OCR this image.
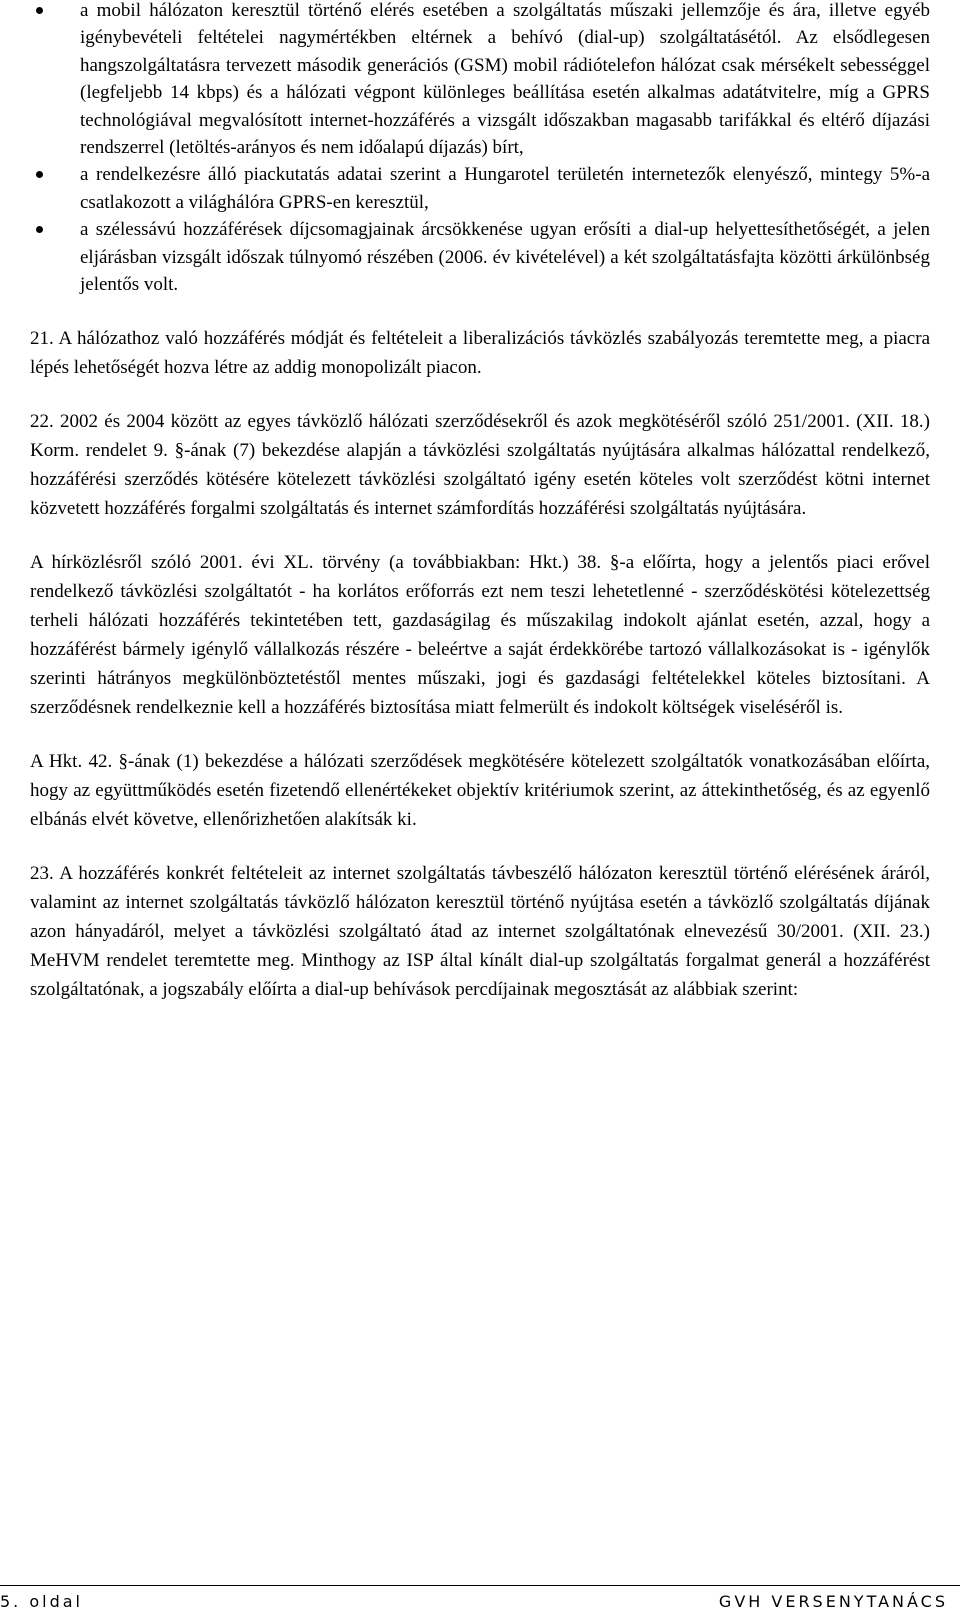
a mobil hálózaton keresztül történő elérés esetében a szolgáltatás műszaki jellemzője és ára, illetve egyéb igénybevételi feltételei nagymértékben eltérnek a behívó (dial-up) szolgáltatásétól. Az elsődlegesen hangszolgáltatásra tervezett második generációs (GSM) mobil rádiótelefon hálózat csak mérsékelt sebességgel (legfeljebb 14 kbps) és a hálózati végpont különleges beállítása esetén alkalmas adatátvitelre, míg a GPRS technológiával megvalósított internet-hozzáférés a vizsgált időszakban magasabb tarifákkal és eltérő díjazási rendszerrel (letöltés-arányos és nem időalapú díjazás) bírt,
a rendelkezésre álló piackutatás adatai szerint a Hungarotel területén internetezők elenyésző, mintegy 5%-a csatlakozott a világhálóra GPRS-en keresztül,
a szélessávú hozzáférések díjcsomagjainak árcsökkenése ugyan erősíti a dial-up helyettesíthetőségét, a jelen eljárásban vizsgált időszak túlnyomó részében (2006. év kivételével) a két szolgáltatásfajta közötti árkülönbség jelentős volt.

21. A hálózathoz való hozzáférés módját és feltételeit a liberalizációs távközlés szabályozás teremtette meg, a piacra lépés lehetőségét hozva létre az addig monopolizált piacon.

22. 2002 és 2004 között az egyes távközlő hálózati szerződésekről és azok megkötéséről szóló 251/2001. (XII. 18.) Korm. rendelet 9. §-ának (7) bekezdése alapján a távközlési szolgáltatás nyújtására alkalmas hálózattal rendelkező, hozzáférési szerződés kötésére kötelezett távközlési szolgáltató igény esetén köteles volt szerződést kötni internet közvetett hozzáférés forgalmi szolgáltatás és internet számfordítás hozzáférési szolgáltatás nyújtására.

A hírközlésről szóló 2001. évi XL. törvény (a továbbiakban: Hkt.) 38. §-a előírta, hogy a jelentős piaci erővel rendelkező távközlési szolgáltatót - ha korlátos erőforrás ezt nem teszi lehetetlenné - szerződéskötési kötelezettség terheli hálózati hozzáférés tekintetében tett, gazdaságilag és műszakilag indokolt ajánlat esetén, azzal, hogy a hozzáférést bármely igénylő vállalkozás részére - beleértve a saját érdekkörébe tartozó vállalkozásokat is - igénylők szerinti hátrányos megkülönböztetéstől mentes műszaki, jogi és gazdasági feltételekkel köteles biztosítani. A szerződésnek rendelkeznie kell a hozzáférés biztosítása miatt felmerült és indokolt költségek viseléséről is.

A Hkt. 42. §-ának (1) bekezdése a hálózati szerződések megkötésére kötelezett szolgáltatók vonatkozásában előírta, hogy az együttműködés esetén fizetendő ellenértékeket objektív kritériumok szerint, az áttekinthetőség, és az egyenlő elbánás elvét követve, ellenőrizhetően alakítsák ki.

23. A hozzáférés konkrét feltételeit az internet szolgáltatás távbeszélő hálózaton keresztül történő elérésének áráról, valamint az internet szolgáltatás távközlő hálózaton keresztül történő nyújtása esetén a távközlő szolgáltatás díjának azon hányadáról, melyet a távközlési szolgáltató átad az internet szolgáltatónak elnevezésű 30/2001. (XII. 23.) MeHVM rendelet teremtette meg. Minthogy az ISP által kínált dial-up szolgáltatás forgalmat generál a hozzáférést szolgáltatónak, a jogszabály előírta a dial-up behívások percdíjainak megosztását az alábbiak szerint:

5. oldal	GVH VERSENYTANÁCS
